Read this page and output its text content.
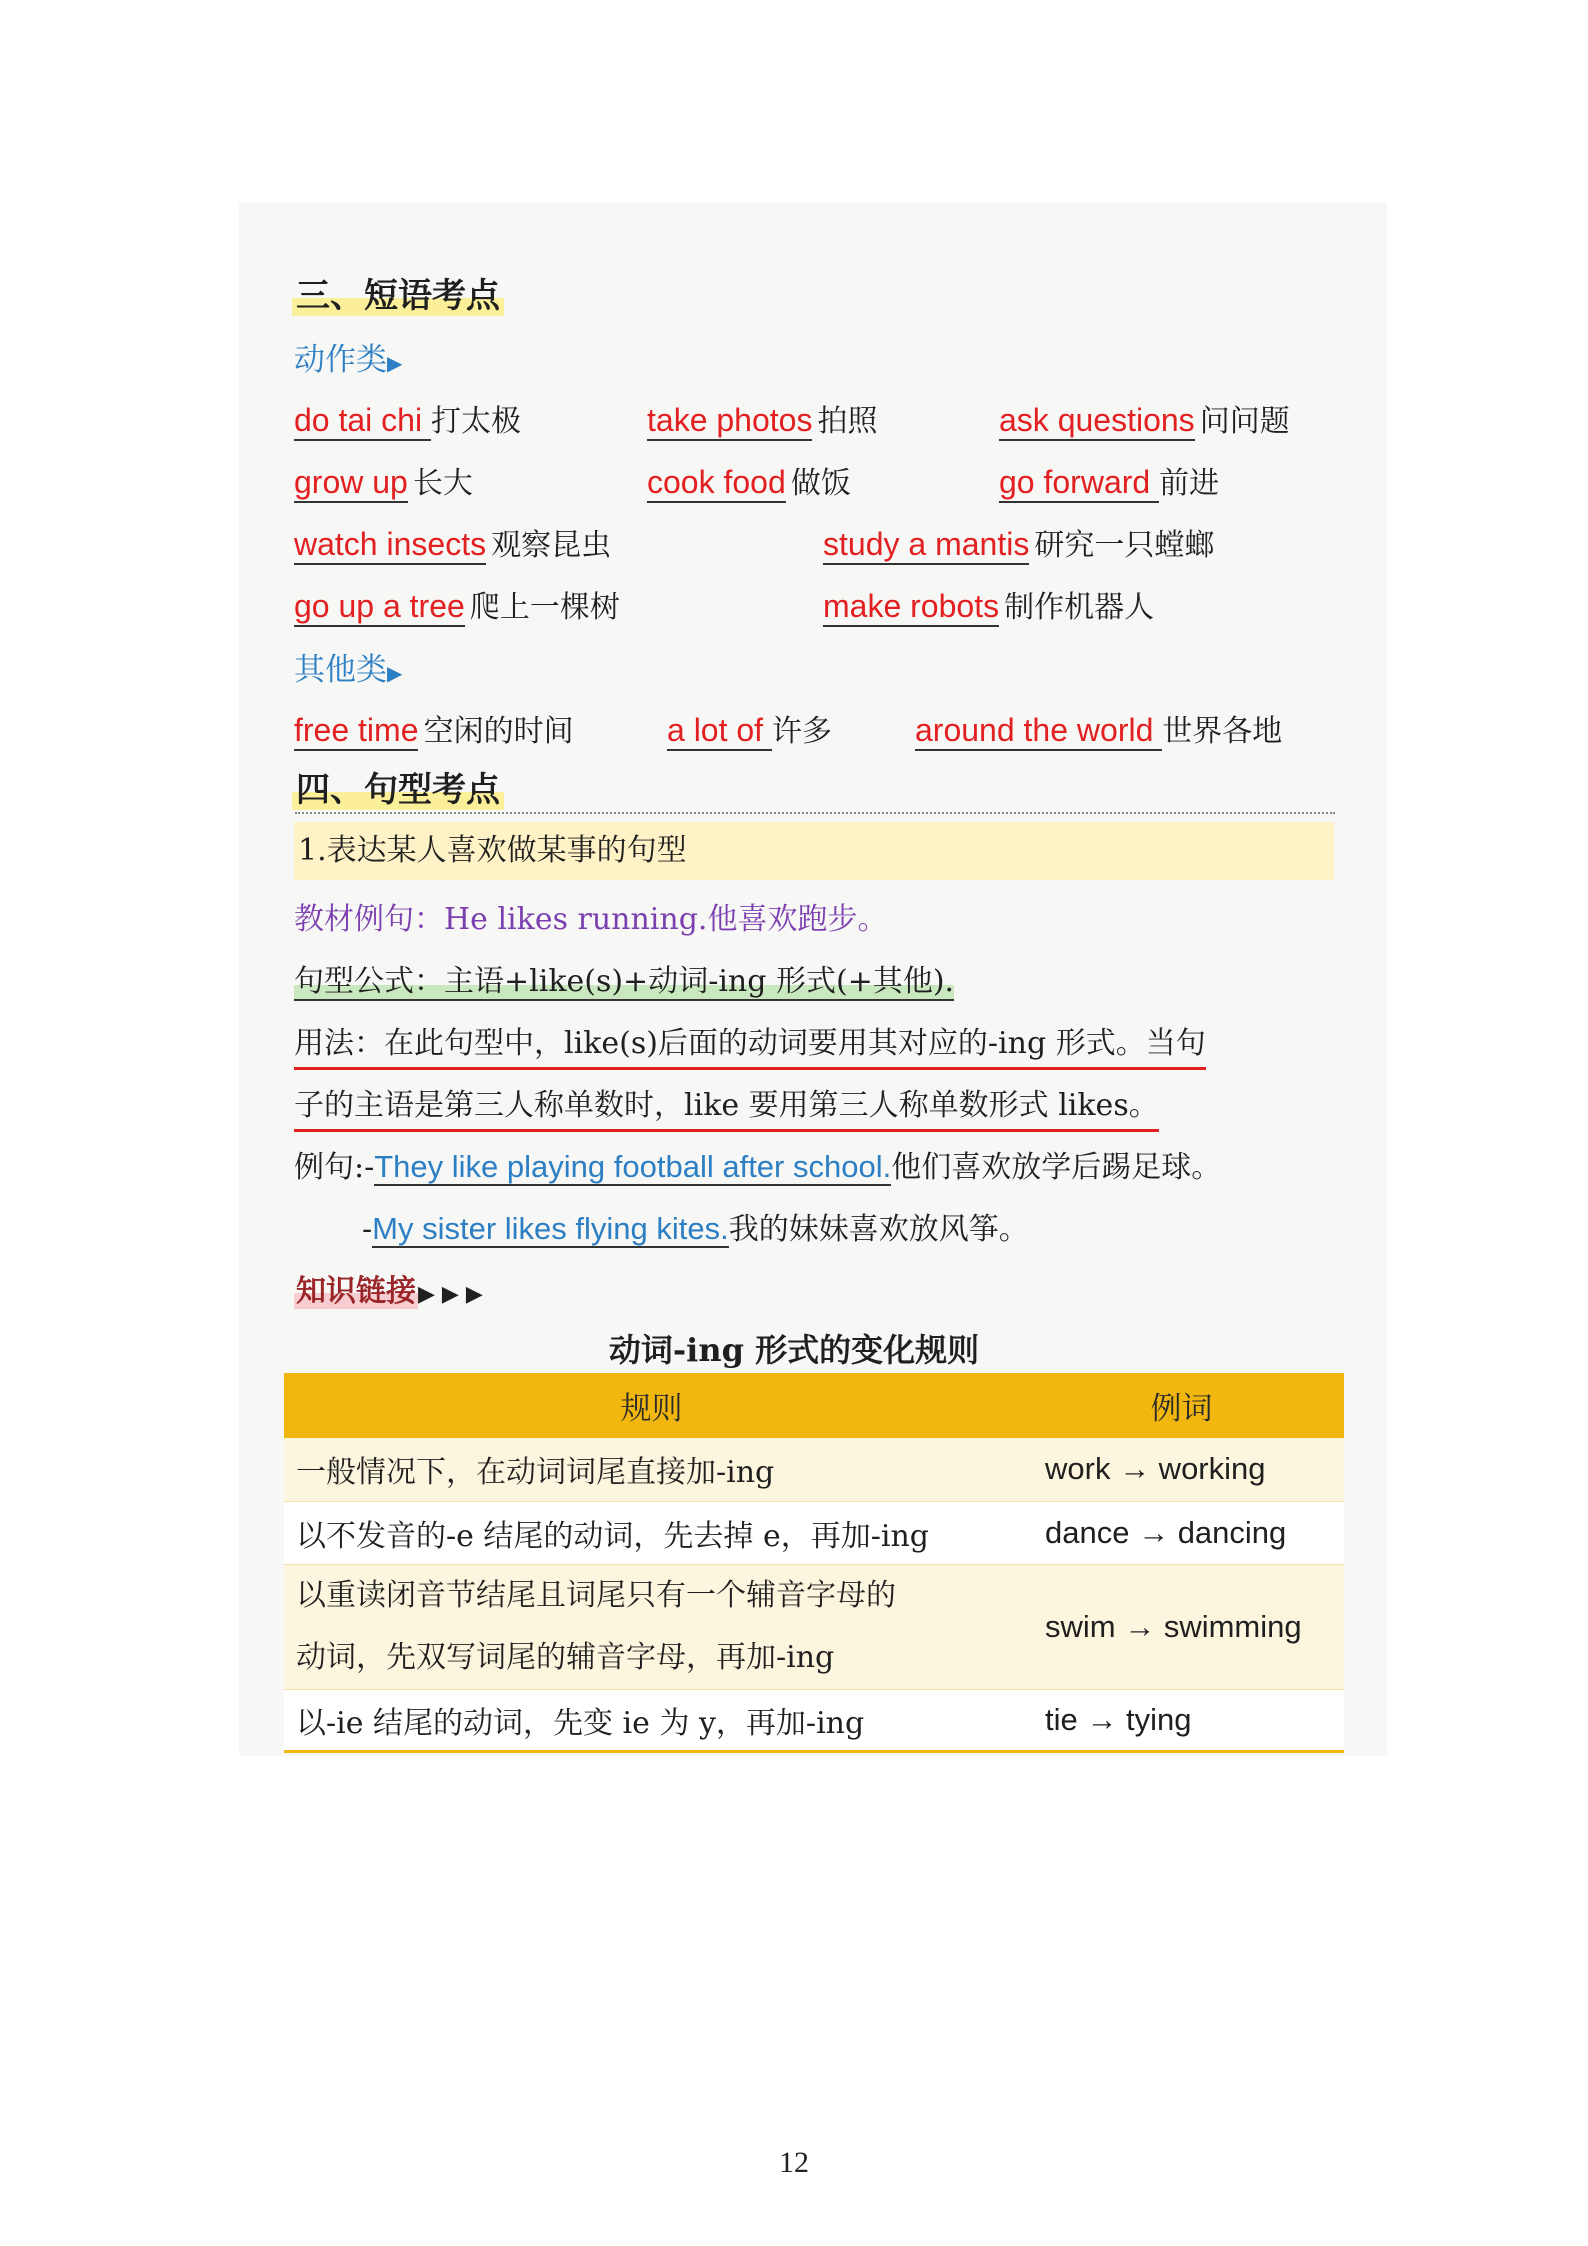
三、短语考点
动作类▶
do tai chi 打太极	take photos 拍照	ask questions 问问题
grow up 长大	cook food 做饭	go forward 前进
watch insects 观察昆虫	study a mantis 研究一只螳螂
go up a tree 爬上一棵树	make robots 制作机器人
其他类▶
free time 空闲的时间	a lot of 许多	around the world 世界各地
四、句型考点
1.表达某人喜欢做某事的句型
教材例句：He likes running.他喜欢跑步。
句型公式：主语+like(s)+动词-ing 形式(+其他).
用法：在此句型中，like(s)后面的动词要用其对应的-ing 形式。当句
子的主语是第三人称单数时，like 要用第三人称单数形式 likes。
例句:-They like playing football after school.他们喜欢放学后踢足球。
-My sister likes flying kites.我的妹妹喜欢放风筝。
知识链接▶ ▶ ▶
动词-ing 形式的变化规则
规则	例词
一般情况下，在动词词尾直接加-ing	work → working
以不发音的-e 结尾的动词，先去掉 e，再加-ing	dance → dancing

以重读闭音节结尾且词尾只有一个辅音字母的
动词，先双写词尾的辅音字母，再加-ing	swim → swimming
以-ie 结尾的动词，先变 ie 为 y，再加-ing	tie → tying
12
